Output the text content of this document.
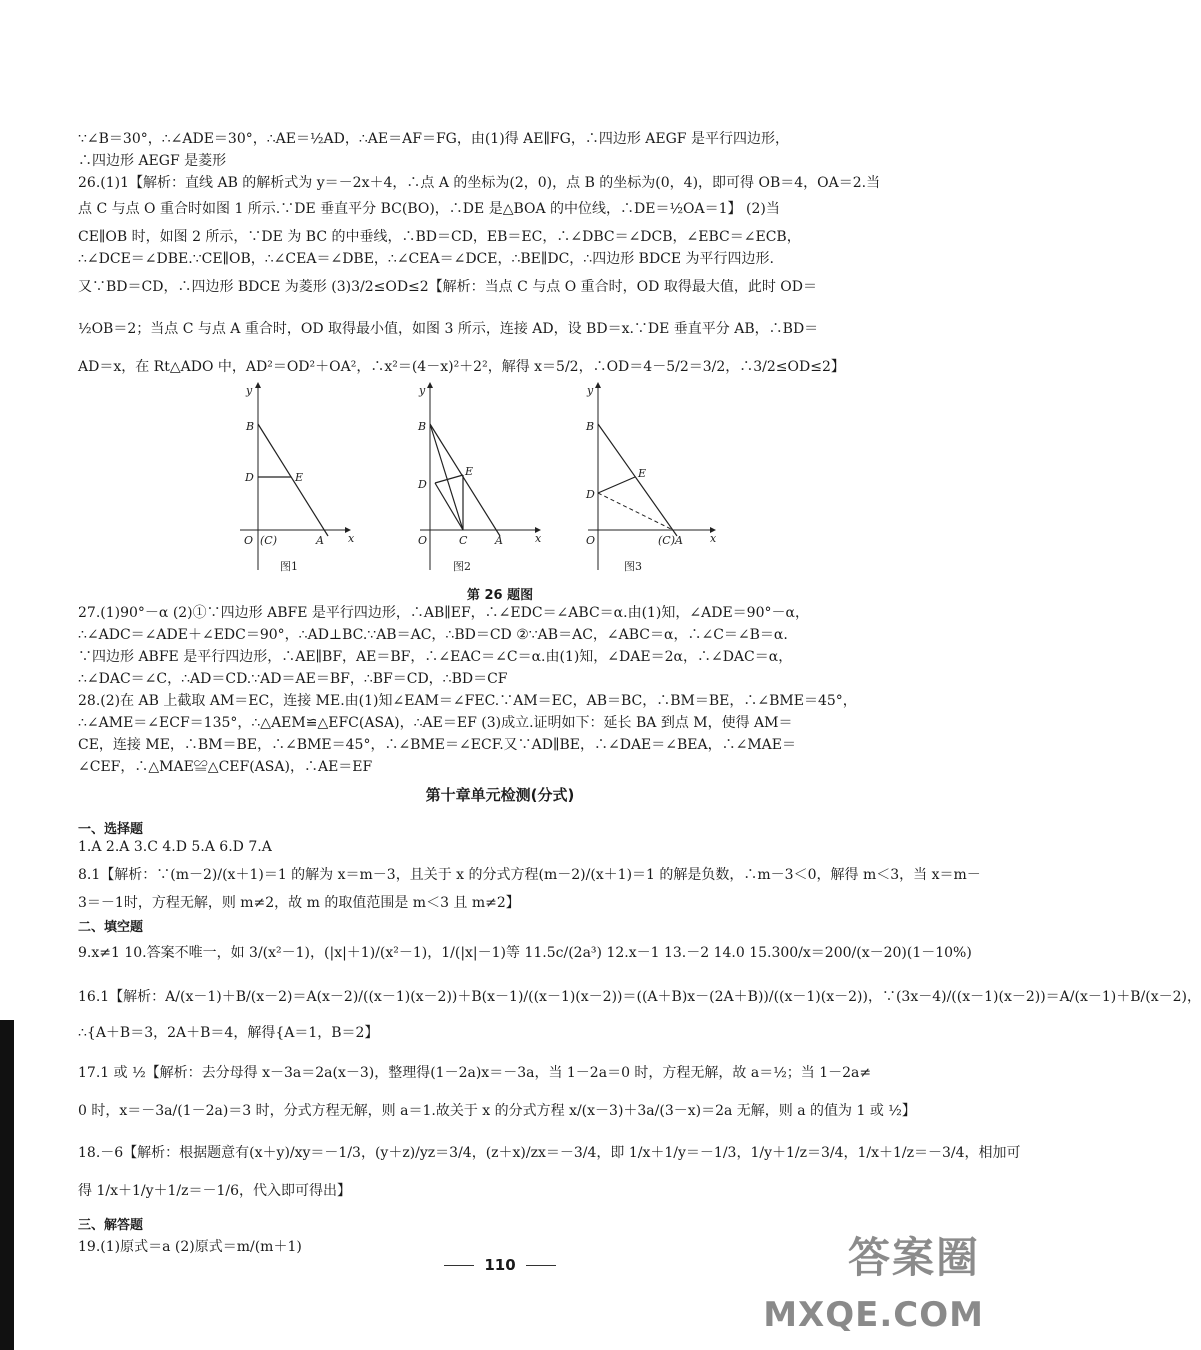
∵∠B＝30°，∴∠ADE＝30°，∴AE＝½AD，∴AE＝AF＝FG，由(1)得 AE∥FG，∴四边形 AEGF 是平行四边形，
∴四边形 AEGF 是菱形
26.(1)1【解析：直线 AB 的解析式为 y＝－2x＋4，∴点 A 的坐标为(2，0)，点 B 的坐标为(0，4)，即可得 OB＝4，OA＝2.当
点 C 与点 O 重合时如图 1 所示.∵DE 垂直平分 BC(BO)，∴DE 是△BOA 的中位线，∴DE＝½OA＝1】 (2)当
CE∥OB 时，如图 2 所示，∵DE 为 BC 的中垂线，∴BD＝CD，EB＝EC，∴∠DBC＝∠DCB，∠EBC＝∠ECB，
∴∠DCE＝∠DBE.∵CE∥OB，∴∠CEA＝∠DBE，∴∠CEA＝∠DCE，∴BE∥DC，∴四边形 BDCE 为平行四边形.
又∵BD＝CD，∴四边形 BDCE 为菱形 (3)3/2≤OD≤2【解析：当点 C 与点 O 重合时，OD 取得最大值，此时 OD＝
½OB＝2；当点 C 与点 A 重合时，OD 取得最小值，如图 3 所示，连接 AD，设 BD＝x.∵DE 垂直平分 AB，∴BD＝
AD＝x，在 Rt△ADO 中，AD²＝OD²＋OA²，∴x²＝(4－x)²＋2²，解得 x＝5/2，∴OD＝4－5/2＝3/2，∴3/2≤OD≤2】
y
x
B
D	E
O (C)	A
图1
y
x
B
D
E
O	C	A
图2
y
x
B
D
E
O	(C)A
图3
第 26 题图
27.(1)90°－α (2)①∵四边形 ABFE 是平行四边形，∴AB∥EF，∴∠EDC＝∠ABC＝α.由(1)知，∠ADE＝90°－α，
∴∠ADC＝∠ADE＋∠EDC＝90°，∴AD⊥BC.∵AB＝AC，∴BD＝CD ②∵AB＝AC，∠ABC＝α，∴∠C＝∠B＝α.
∵四边形 ABFE 是平行四边形，∴AE∥BF，AE＝BF，∴∠EAC＝∠C＝α.由(1)知，∠DAE＝2α，∴∠DAC＝α，
∴∠DAC＝∠C，∴AD＝CD.∵AD＝AE＝BF，∴BF＝CD，∴BD＝CF
28.(2)在 AB 上截取 AM＝EC，连接 ME.由(1)知∠EAM＝∠FEC.∵AM＝EC，AB＝BC，∴BM＝BE，∴∠BME＝45°，
∴∠AME＝∠ECF＝135°，∴△AEM≌△EFC(ASA)，∴AE＝EF (3)成立.证明如下：延长 BA 到点 M，使得 AM＝
CE，连接 ME，∴BM＝BE，∴∠BME＝45°，∴∠BME＝∠ECF.又∵AD∥BE，∴∠DAE＝∠BEA，∴∠MAE＝
∠CEF，∴△MAE≌△CEF(ASA)，∴AE＝EF
第十章单元检测(分式)
一、选择题
1.A 2.A 3.C 4.D 5.A 6.D 7.A
8.1【解析：∵(m－2)/(x＋1)＝1 的解为 x＝m－3，且关于 x 的分式方程(m－2)/(x＋1)＝1 的解是负数，∴m－3＜0，解得 m＜3，当 x＝m－
3＝－1时，方程无解，则 m≠2，故 m 的取值范围是 m＜3 且 m≠2】
二、填空题
9.x≠1 10.答案不唯一，如 3/(x²－1)，(|x|＋1)/(x²－1)，1/(|x|－1)等 11.5c/(2a³) 12.x－1 13.－2 14.0 15.300/x＝200/(x－20)(1－10%)
16.1【解析：A/(x－1)＋B/(x－2)＝A(x－2)/((x－1)(x－2))＋B(x－1)/((x－1)(x－2))＝((A＋B)x－(2A＋B))/((x－1)(x－2))，∵(3x－4)/((x－1)(x－2))＝A/(x－1)＋B/(x－2)，
∴{A＋B＝3，2A＋B＝4，解得{A＝1，B＝2】
17.1 或 ½【解析：去分母得 x－3a＝2a(x－3)，整理得(1－2a)x＝－3a，当 1－2a＝0 时，方程无解，故 a＝½；当 1－2a≠
0 时，x＝－3a/(1－2a)＝3 时，分式方程无解，则 a＝1.故关于 x 的分式方程 x/(x－3)＋3a/(3－x)＝2a 无解，则 a 的值为 1 或 ½】
18.－6【解析：根据题意有(x＋y)/xy＝－1/3，(y＋z)/yz＝3/4，(z＋x)/zx＝－3/4，即 1/x＋1/y＝－1/3，1/y＋1/z＝3/4，1/x＋1/z＝－3/4，相加可
得 1/x＋1/y＋1/z＝－1/6，代入即可得出】
三、解答题
19.(1)原式＝a (2)原式＝m/(m＋1)
110	答案圈
MXQE.COM
